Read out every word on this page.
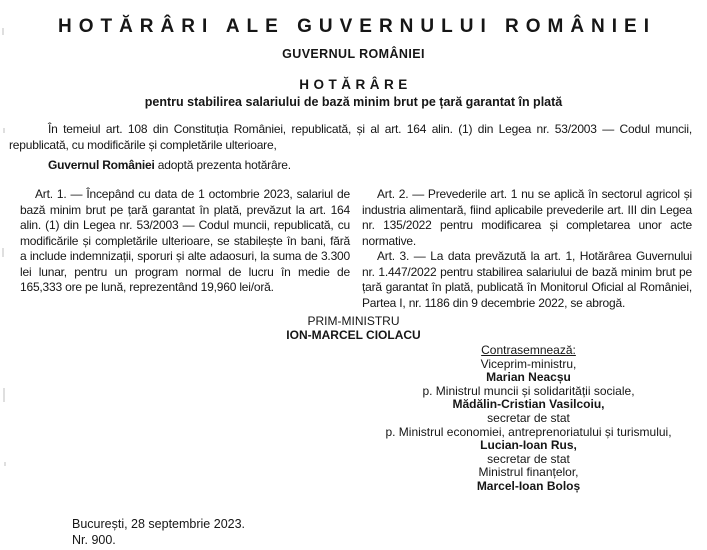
HOTĂRÂRI ALE GUVERNULUI ROMÂNIEI
GUVERNUL ROMÂNIEI
HOTĂRÂRE
pentru stabilirea salariului de bază minim brut pe țară garantat în plată

În temeiul art. 108 din Constituția României, republicată, și al art. 164 alin. (1) din Legea nr. 53/2003 — Codul muncii, republicată, cu modificările și completările ulterioare,

Guvernul României adoptă prezenta hotărâre.

Art. 1. — Începând cu data de 1 octombrie 2023, salariul de bază minim brut pe țară garantat în plată, prevăzut la art. 164 alin. (1) din Legea nr. 53/2003 — Codul muncii, republicată, cu modificările și completările ulterioare, se stabilește în bani, fără a include indemnizații, sporuri și alte adaosuri, la suma de 3.300 lei lunar, pentru un program normal de lucru în medie de 165,333 ore pe lună, reprezentând 19,960 lei/oră.

Art. 2. — Prevederile art. 1 nu se aplică în sectorul agricol și industria alimentară, fiind aplicabile prevederile art. III din Legea nr. 135/2022 pentru modificarea și completarea unor acte normative.

Art. 3. — La data prevăzută la art. 1, Hotărârea Guvernului nr. 1.447/2022 pentru stabilirea salariului de bază minim brut pe țară garantat în plată, publicată în Monitorul Oficial al României, Partea I, nr. 1186 din 9 decembrie 2022, se abrogă.

PRIM-MINISTRU
ION-MARCEL CIOLACU
Contrasemnează:
Viceprim-ministru,
Marian Neacșu
p. Ministrul muncii și solidarității sociale,
Mădălin-Cristian Vasilcoiu,
secretar de stat
p. Ministrul economiei, antreprenoriatului și turismului,
Lucian-Ioan Rus,
secretar de stat
Ministrul finanțelor,
Marcel-Ioan Boloș
București, 28 septembrie 2023.
Nr. 900.
